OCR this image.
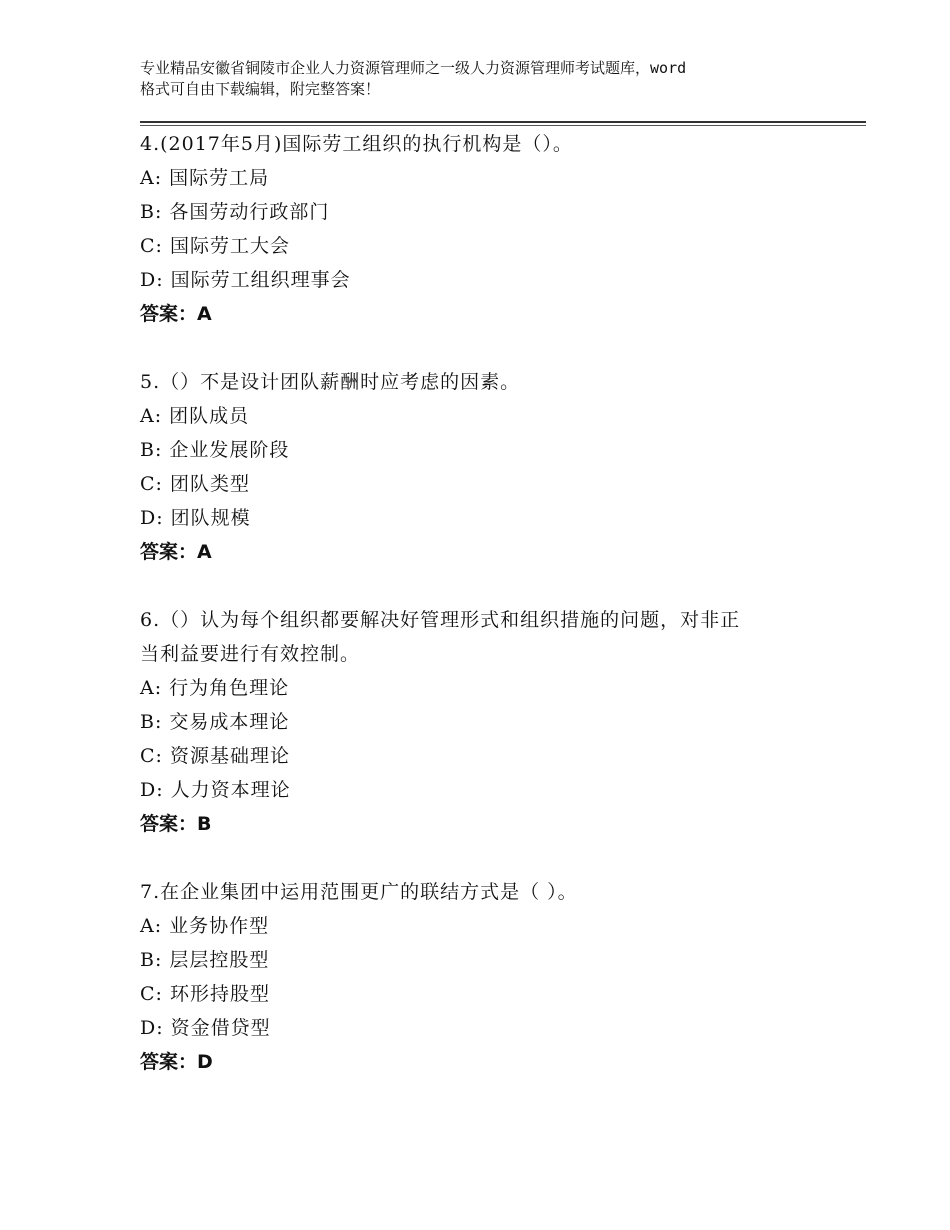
专业精品安徽省铜陵市企业人力资源管理师之一级人力资源管理师考试题库，word
格式可自由下载编辑，附完整答案！
4.(2017年5月)国际劳工组织的执行机构是（）。
A: 国际劳工局
B: 各国劳动行政部门
C: 国际劳工大会
D: 国际劳工组织理事会
答案：A
5.（）不是设计团队薪酬时应考虑的因素。
A: 团队成员
B: 企业发展阶段
C: 团队类型
D: 团队规模
答案：A
6.（）认为每个组织都要解决好管理形式和组织措施的问题，对非正
当利益要进行有效控制。
A: 行为角色理论
B: 交易成本理论
C: 资源基础理论
D: 人力资本理论
答案：B
7.在企业集团中运用范围更广的联结方式是（ ）。
A: 业务协作型
B: 层层控股型
C: 环形持股型
D: 资金借贷型
答案：D
